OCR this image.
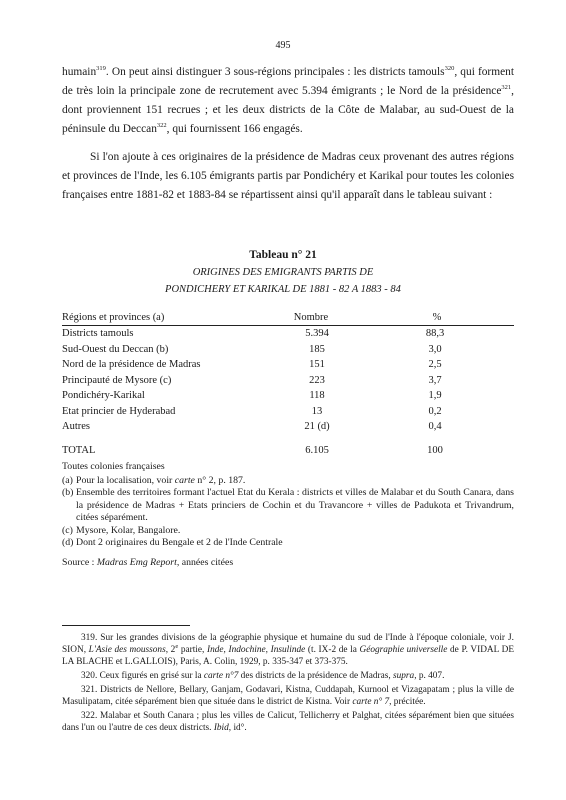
495

humain$^{319}$. On peut ainsi distinguer 3 sous-régions principales : les districts tamouls$^{320}$, qui forment de très loin la principale zone de recrutement avec 5.394 émigrants ; le Nord de la présidence$^{321}$, dont proviennent 151 recrues ; et les deux districts de la Côte de Malabar, au sud-Ouest de la péninsule du Deccan$^{322}$, qui fournissent 166 engagés.

Si l'on ajoute à ces originaires de la présidence de Madras ceux provenant des autres régions et provinces de l'Inde, les 6.105 émigrants partis par Pondichéry et Karikal pour toutes les colonies françaises entre 1881-82 et 1883-84 se répartissent ainsi qu'il apparaît dans le tableau suivant :

Tableau n° 21
ORIGINES DES EMIGRANTS PARTIS DE
PONDICHERY ET KARIKAL DE 1881 - 82 A 1883 - 84
Régions et provinces (a)	Nombre	%
Districts tamouls	5.394	88,3
Sud-Ouest du Deccan (b)	185	3,0
Nord de la présidence de Madras	151	2,5
Principauté de Mysore (c)	223	3,7
Pondichéry-Karikal	118	1,9
Etat princier de Hyderabad	13	0,2
Autres	21 (d)	0,4
TOTAL	6.105	100
Toutes colonies françaises
(a) Pour la localisation, voir carte n° 2, p. 187.
(b) Ensemble des territoires formant l'actuel Etat du Kerala : districts et villes de Malabar et du South Canara, dans la présidence de Madras + Etats princiers de Cochin et du Travancore + villes de Padukota et Trivandrum, citées séparément.
(c) Mysore, Kolar, Bangalore.
(d) Dont 2 originaires du Bengale et 2 de l'Inde Centrale
Source : Madras Emg Report, années citées
319. Sur les grandes divisions de la géographie physique et humaine du sud de l'Inde à l'époque coloniale, voir J. SION, L'Asie des moussons, 2e partie, Inde, Indochine, Insulinde (t. IX-2 de la Géographie universelle de P. VIDAL DE LA BLACHE et L.GALLOIS), Paris, A. Colin, 1929, p. 335-347 et 373-375.
320. Ceux figurés en grisé sur la carte n°7 des districts de la présidence de Madras, supra, p. 407.
321. Districts de Nellore, Bellary, Ganjam, Godavari, Kistna, Cuddapah, Kurnool et Vizagapatam ; plus la ville de Masulipatam, citée séparément bien que située dans le district de Kistna. Voir carte n° 7, précitée.
322. Malabar et South Canara ; plus les villes de Calicut, Tellicherry et Palghat, citées séparément bien que situées dans l'un ou l'autre de ces deux districts. Ibid, id°.
